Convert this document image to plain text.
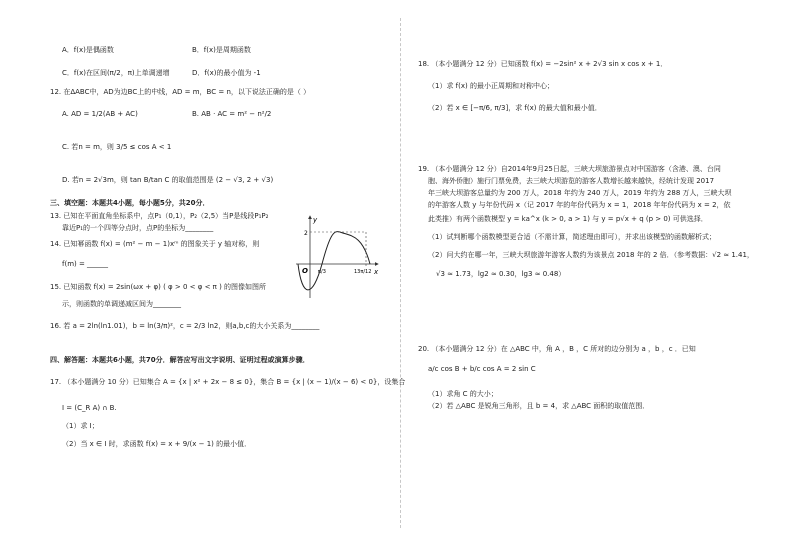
A．f(x)是偶函数	B．f(x)是周期函数
C．f(x)在区间(π/2，π)上单调递增	D．f(x)的最小值为 -1
12. 在ΔABC中，AD为边BC上的中线，AD = m，BC = n，以下说法正确的是（ ）
A. AD = 1/2(AB + AC)	B. AB · AC = m² − n²/2
C. 若n = m，则 3/5 ≤ cos A < 1
D. 若n = 2√3m，则 tan B/tan C 的取值范围是 (2 − √3, 2 + √3)
三、填空题：本题共4小题，每小题5分，共20分．
13. 已知在平面直角坐标系中，点P₁（0,1），P₂（2,5）当P是线段P₁P₂
靠近P₁的一个四等分点时，点P的坐标为________
14. 已知幂函数 f(x) = (m² − m − 1)xᵐ 的图象关于 y 轴对称，则
f(m) = ______
15. 已知函数 f(x) = 2sin(ωx + φ) ( φ > 0 < φ < π ) 的图像如图所
示，则函数的单调递减区间为________
16. 若 a = 2ln(ln1.01)，b = ln(3/π)²，c = 2/3 ln2，则a,b,c的大小关系为________
四、解答题：本题共6小题，共70分．解答应写出文字说明、证明过程或演算步骤．
17. （本小题满分 10 分）已知集合 A = {x | x² + 2x − 8 ≤ 0}，集合 B = {x | (x − 1)/(x − 6) < 0}，设集合
I = (C_R A) ∩ B.
（1）求 I；
（2）当 x ∈ I 时，求函数 f(x) = x + 9/(x − 1) 的最小值．
y
x
O
2
π/3	13π/12
18. （本小题满分 12 分）已知函数 f(x) = −2sin² x + 2√3 sin x cos x + 1．
（1）求 f(x) 的最小正周期和对称中心；
（2）若 x ∈ [−π/6, π/3]，求 f(x) 的最大值和最小值．
19. （本小题满分 12 分）自2014年9月25日起，三峡大坝旅游景点对中国游客（含港、澳、台同
胞、海外侨胞）施行门票免费，去三峡大坝游览的游客人数增长越来越快，经统计发现 2017
年三峡大坝游客总量约为 200 万人，2018 年约为 240 万人，2019 年约为 288 万人，三峡大坝
的年游客人数 y 与年份代码 x（记 2017 年的年份代码为 x = 1，2018 年年份代码为 x = 2，依
此类推）有两个函数模型 y = ka^x (k > 0, a > 1) 与 y = p√x + q (p > 0) 可供选择．
（1）试判断哪个函数模型更合适（不需计算，简述理由即可），并求出该模型的函数解析式；
（2）问大约在哪一年，三峡大坝旅游年游客人数约为该景点 2018 年的 2 倍．（参考数据：√2 ≈ 1.41，
√3 ≈ 1.73，lg2 ≈ 0.30，lg3 ≈ 0.48）
20. （本小题满分 12 分）在 △ABC 中，角 A ，B ，C 所对的边分别为 a ，b ，c ．已知
a/c cos B + b/c cos A = 2 sin C
（1）求角 C 的大小；
（2）若 △ABC 是锐角三角形，且 b = 4，求 △ABC 面积的取值范围．
